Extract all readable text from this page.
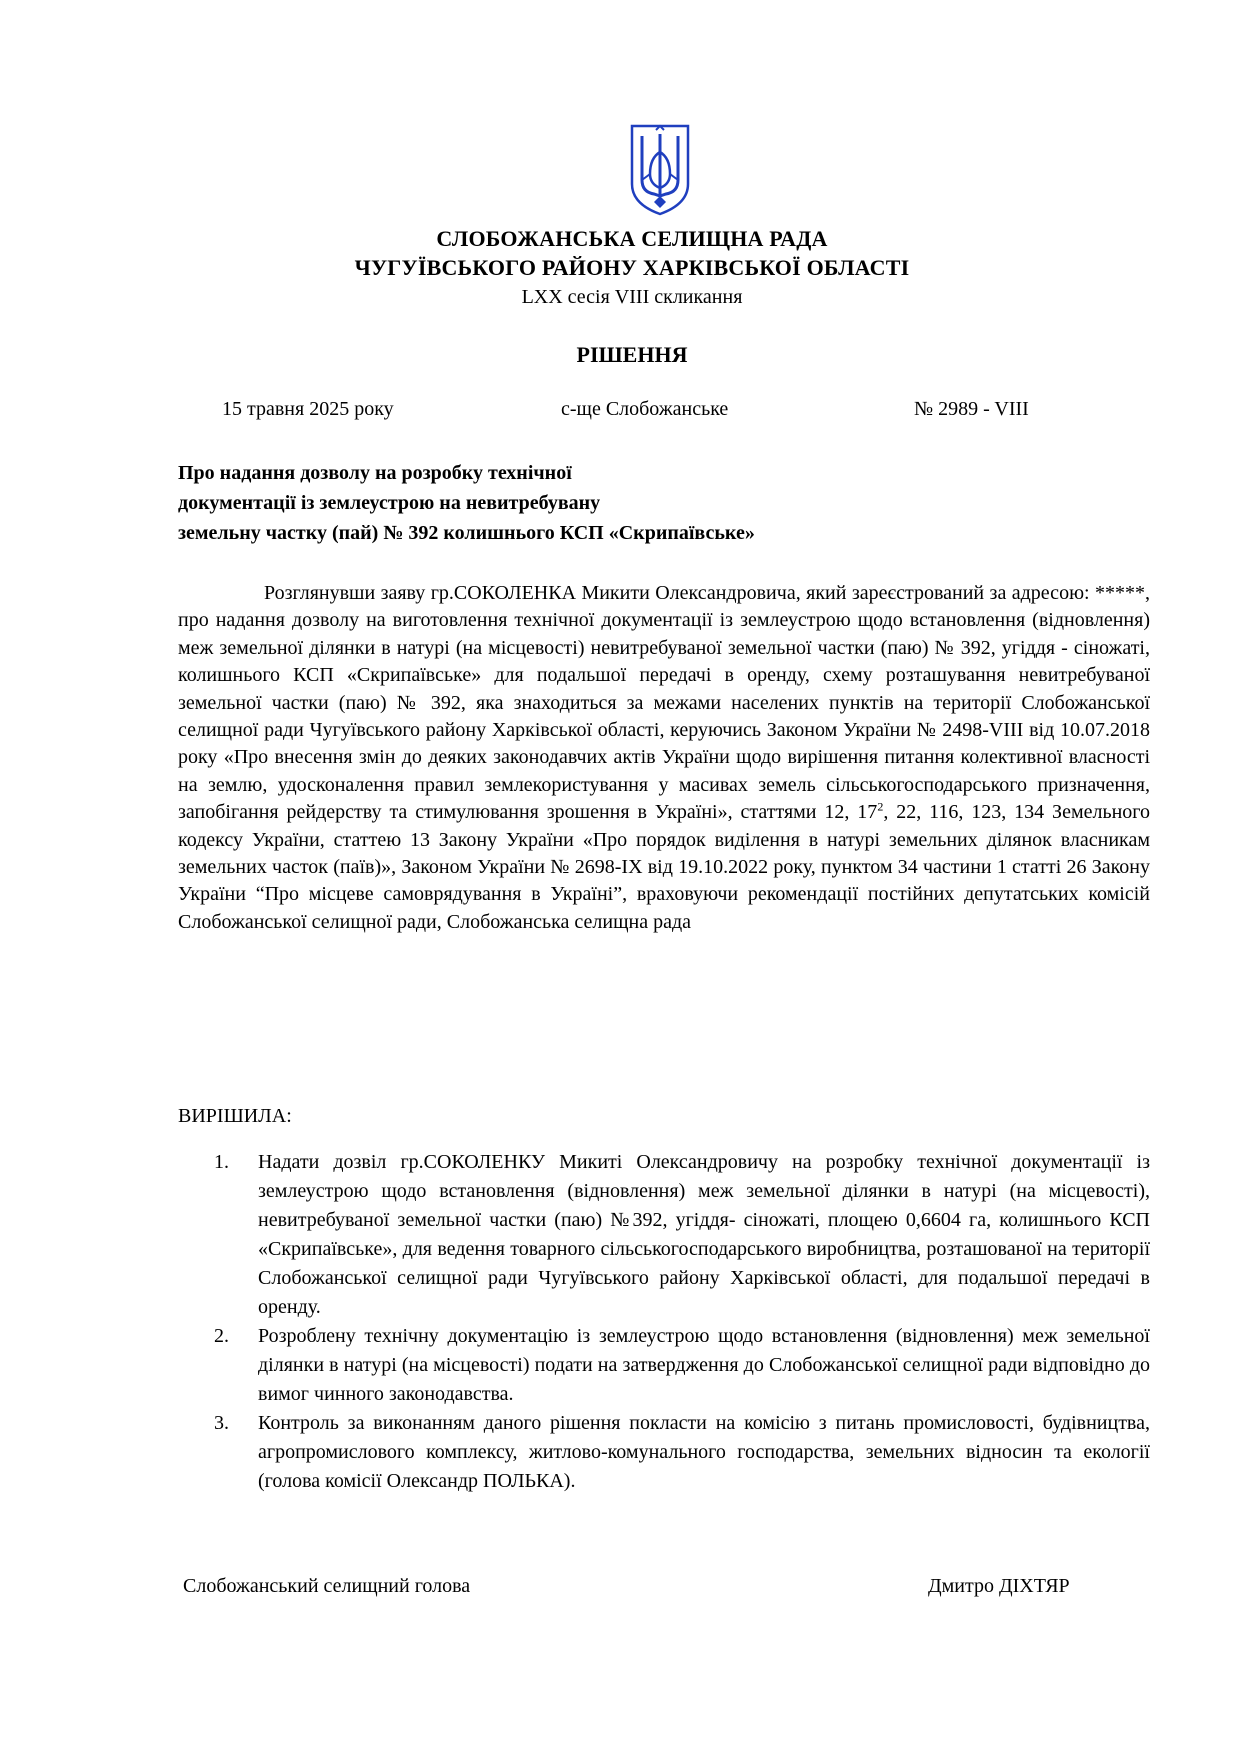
СЛОБОЖАНСЬКА СЕЛИЩНА РАДА
ЧУГУЇВСЬКОГО РАЙОНУ ХАРКІВСЬКОЇ ОБЛАСТІ
LXX сесія VIII скликання
РІШЕННЯ
15 травня 2025 року	с-ще Слобожанське	№ 2989 - VIII
Про надання дозволу на розробку технічної
документації із землеустрою на невитребувану
земельну частку (пай) № 392 колишнього КСП «Скрипаївське»
Розглянувши заяву гр.СОКОЛЕНКА Микити Олександровича, який зареєстрований за адресою: *****, про надання дозволу на виготовлення технічної документації із землеустрою щодо встановлення (відновлення) меж земельної ділянки в натурі (на місцевості) невитребуваної земельної частки (паю) № 392, угіддя - сіножаті, колишнього КСП «Скрипаївське» для подальшої передачі в оренду, схему розташування невитребуваної земельної частки (паю) № 392, яка знаходиться за межами населених пунктів на території Слобожанської селищної ради Чугуївського району Харківської області, керуючись Законом України № 2498-VIII від 10.07.2018 року «Про внесення змін до деяких законодавчих актів України щодо вирішення питання колективної власності на землю, удосконалення правил землекористування у масивах земель сільськогосподарського призначення, запобігання рейдерству та стимулювання зрошення в Україні», статтями 12, $17^2$, 22, 116, 123, 134 Земельного кодексу України, статтею 13 Закону України «Про порядок виділення в натурі земельних ділянок власникам земельних часток (паїв)», Законом України № 2698-IX від 19.10.2022 року, пунктом 34 частини 1 статті 26 Закону України “Про місцеве самоврядування в Україні”, враховуючи рекомендації постійних депутатських комісій Слобожанської селищної ради, Слобожанська селищна рада
ВИРІШИЛА:
1. Надати дозвіл гр.СОКОЛЕНКУ Микиті Олександровичу на розробку технічної документації із землеустрою щодо встановлення (відновлення) меж земельної ділянки в натурі (на місцевості), невитребуваної земельної частки (паю) №392, угіддя- сіножаті, площею 0,6604 га, колишнього КСП «Скрипаївське», для ведення товарного сільськогосподарського виробництва, розташованої на території Слобожанської селищної ради Чугуївського району Харківської області, для подальшої передачі в оренду.
2. Розроблену технічну документацію із землеустрою щодо встановлення (відновлення) меж земельної ділянки в натурі (на місцевості) подати на затвердження до Слобожанської селищної ради відповідно до вимог чинного законодавства.
3. Контроль за виконанням даного рішення покласти на комісію з питань промисловості, будівництва, агропромислового комплексу, житлово-комунального господарства, земельних відносин та екології (голова комісії Олександр ПОЛЬКА).
Слобожанський селищний голова	Дмитро ДІХТЯР
